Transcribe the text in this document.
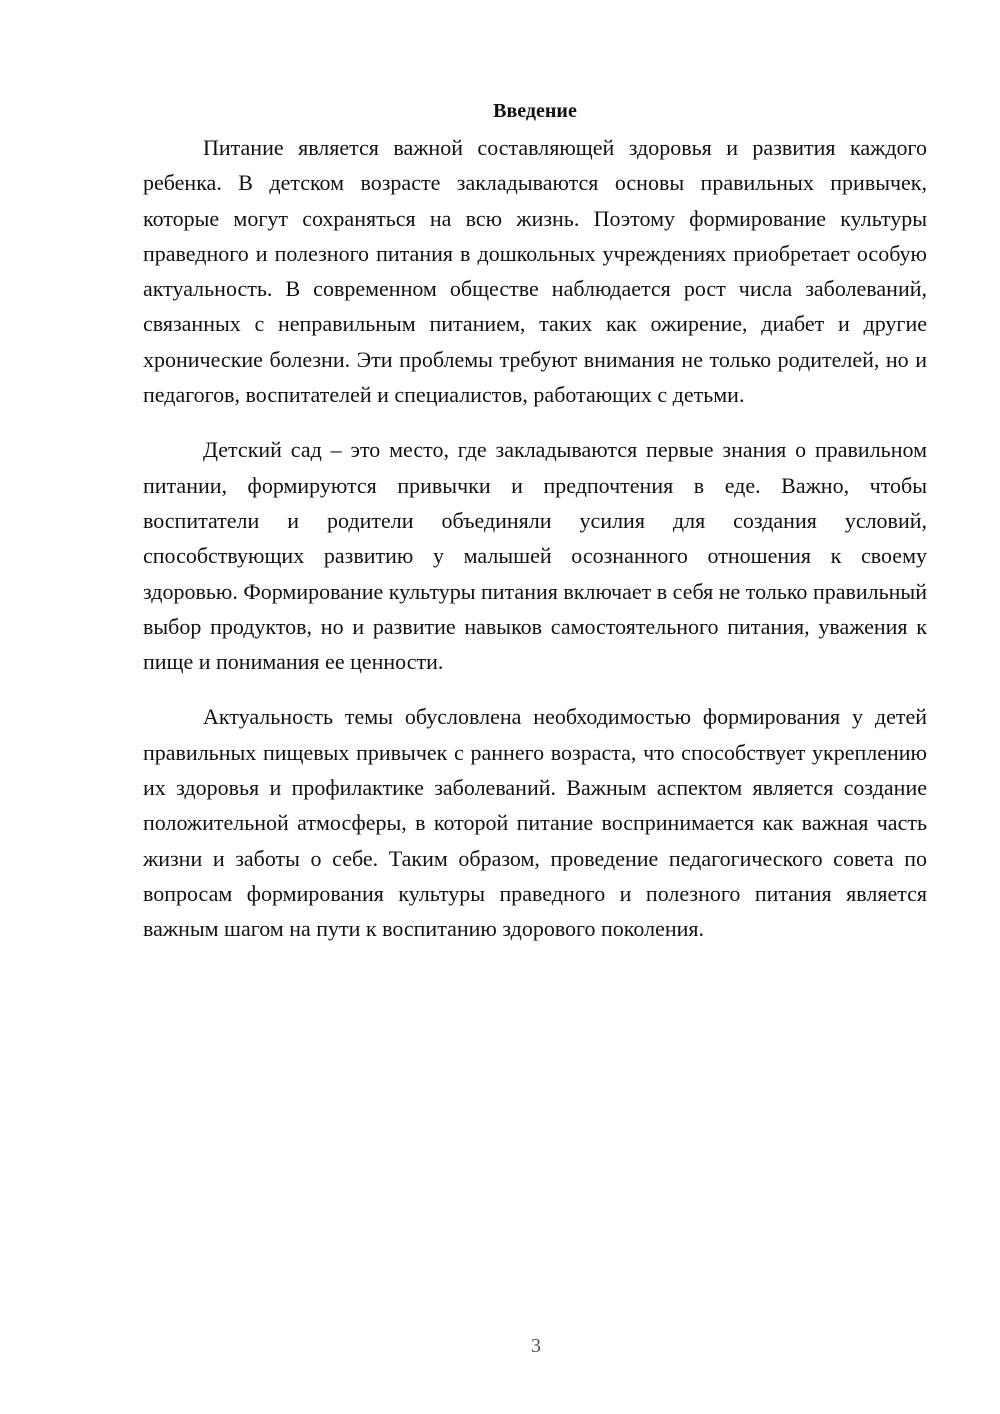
Введение

Питание является важной составляющей здоровья и развития каждого ребенка. В детском возрасте закладываются основы правильных привычек, которые могут сохраняться на всю жизнь. Поэтому формирование культуры праведного и полезного питания в дошкольных учреждениях приобретает особую актуальность. В современном обществе наблюдается рост числа заболеваний, связанных с неправильным питанием, таких как ожирение, диабет и другие хронические болезни. Эти проблемы требуют внимания не только родителей, но и педагогов, воспитателей и специалистов, работающих с детьми.

Детский сад – это место, где закладываются первые знания о правильном питании, формируются привычки и предпочтения в еде. Важно, чтобы воспитатели и родители объединяли усилия для создания условий, способствующих развитию у малышей осознанного отношения к своему здоровью. Формирование культуры питания включает в себя не только правильный выбор продуктов, но и развитие навыков самостоятельного питания, уважения к пище и понимания ее ценности.

Актуальность темы обусловлена необходимостью формирования у детей правильных пищевых привычек с раннего возраста, что способствует укреплению их здоровья и профилактике заболеваний. Важным аспектом является создание положительной атмосферы, в которой питание воспринимается как важная часть жизни и заботы о себе. Таким образом, проведение педагогического совета по вопросам формирования культуры праведного и полезного питания является важным шагом на пути к воспитанию здорового поколения.

3
